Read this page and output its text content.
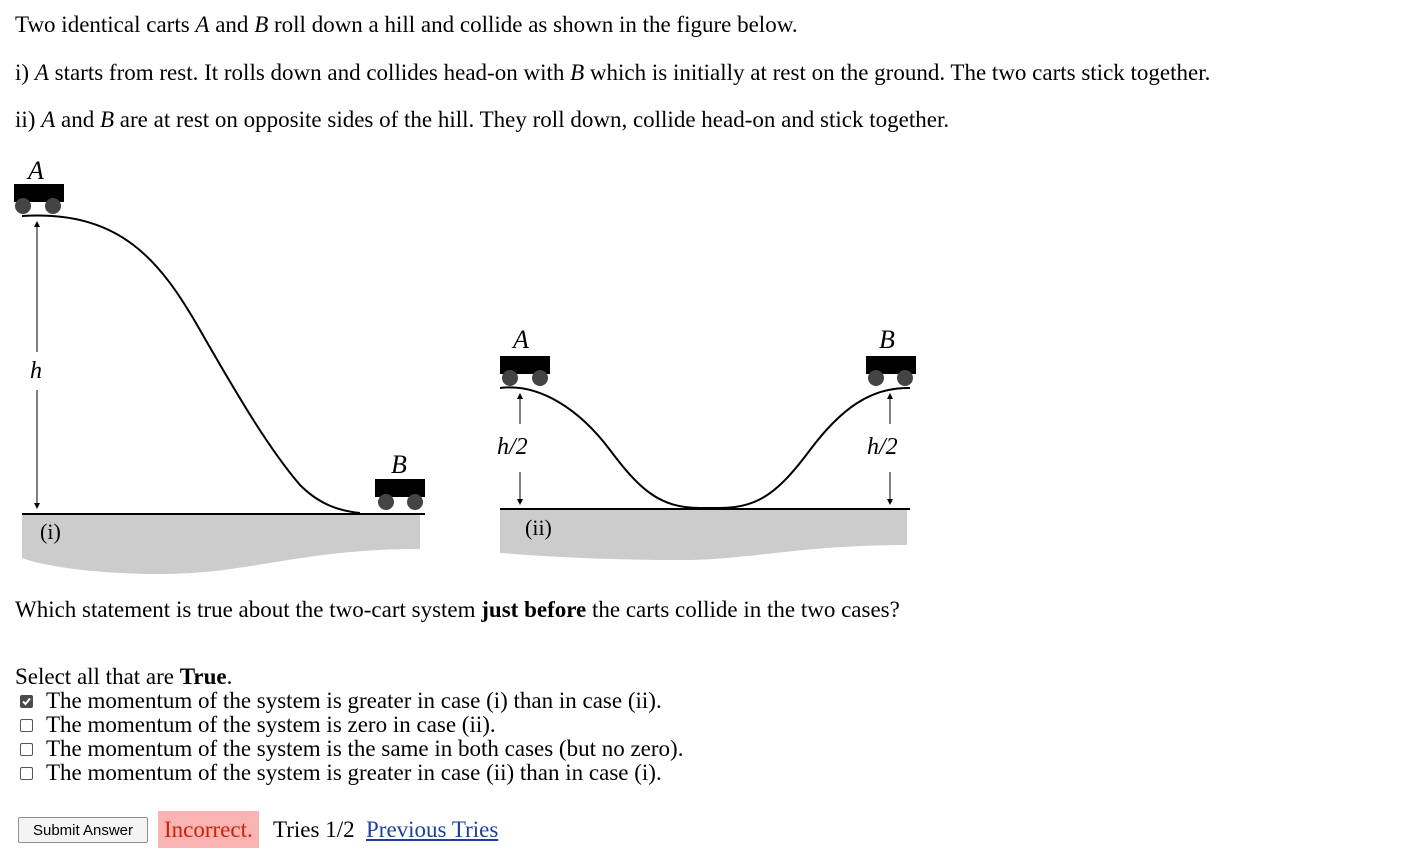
Two identical carts A and B roll down a hill and collide as shown in the figure below.
i) A starts from rest. It rolls down and collides head-on with B which is initially at rest on the ground. The two carts stick together.
ii) A and B are at rest on opposite sides of the hill. They roll down, collide head-on and stick together.
h
A
B
(i)
h/2	h/2
A	B
(ii)
Which statement is true about the two-cart system just before the carts collide in the two cases?
Select all that are True.
The momentum of the system is greater in case (i) than in case (ii).
The momentum of the system is zero in case (ii).
The momentum of the system is the same in both cases (but no zero).
The momentum of the system is greater in case (ii) than in case (i).
Submit Answer	Incorrect. Tries 1/2 Previous Tries
